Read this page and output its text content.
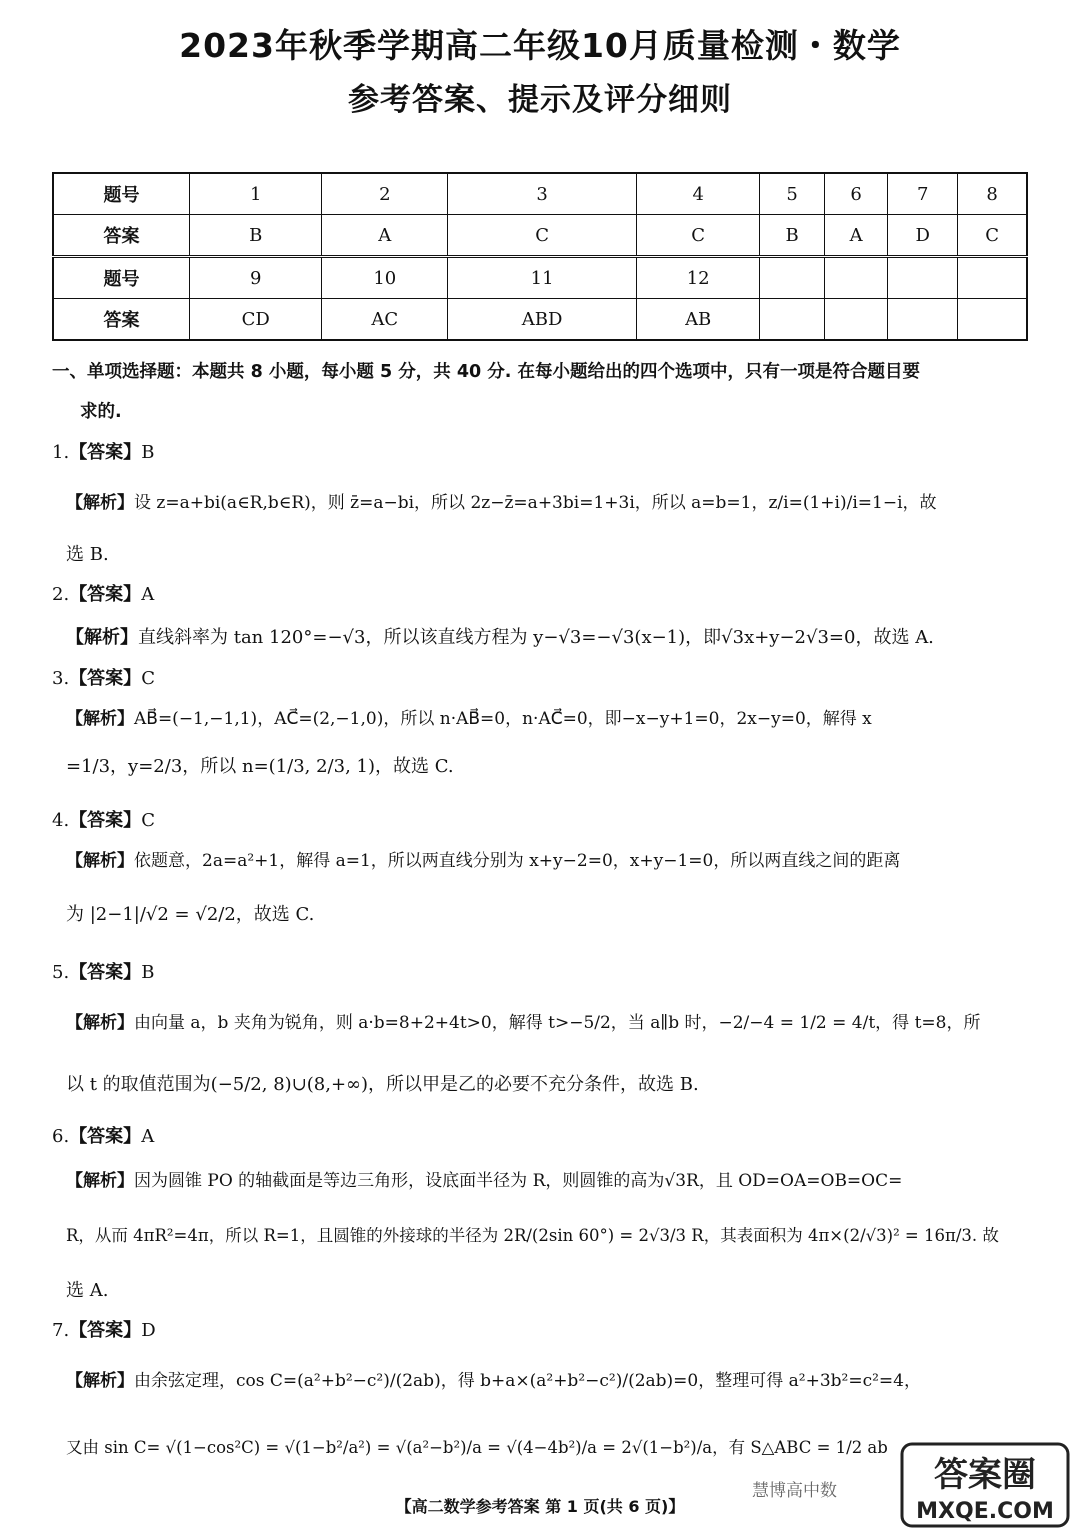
2023年秋季学期高二年级10月质量检测・数学
参考答案、提示及评分细则
题号	1	2	3	4	5	6	7	8
答案	B	A	C	C	B	A	D	C
题号	9	10	11	12				
答案	CD	AC	ABD	AB				
一、单项选择题：本题共 8 小题，每小题 5 分，共 40 分. 在每小题给出的四个选项中，只有一项是符合题目要
求的.
1.【答案】B
【解析】设 z=a+bi(a∈R,b∈R)，则 z̄=a−bi，所以 2z−z̄=a+3bi=1+3i，所以 a=b=1，z/i=(1+i)/i=1−i，故
选 B.
2.【答案】A
【解析】直线斜率为 tan 120°=−√3，所以该直线方程为 y−√3=−√3(x−1)，即√3x+y−2√3=0，故选 A.
3.【答案】C
【解析】AB⃗=(−1,−1,1)，AC⃗=(2,−1,0)，所以 n·AB⃗=0，n·AC⃗=0，即−x−y+1=0，2x−y=0，解得 x
=1/3，y=2/3，所以 n=(1/3, 2/3, 1)，故选 C.
4.【答案】C
【解析】依题意，2a=a²+1，解得 a=1，所以两直线分别为 x+y−2=0，x+y−1=0，所以两直线之间的距离
为 |2−1|/√2 = √2/2，故选 C.
5.【答案】B
【解析】由向量 a，b 夹角为锐角，则 a·b=8+2+4t>0，解得 t>−5/2，当 a∥b 时，−2/−4 = 1/2 = 4/t，得 t=8，所
以 t 的取值范围为(−5/2, 8)∪(8,+∞)，所以甲是乙的必要不充分条件，故选 B.
6.【答案】A
【解析】因为圆锥 PO 的轴截面是等边三角形，设底面半径为 R，则圆锥的高为√3R，且 OD=OA=OB=OC=
R，从而 4πR²=4π，所以 R=1，且圆锥的外接球的半径为 2R/(2sin 60°) = 2√3/3 R，其表面积为 4π×(2/√3)² = 16π/3. 故
选 A.
7.【答案】D
【解析】由余弦定理，cos C=(a²+b²−c²)/(2ab)，得 b+a×(a²+b²−c²)/(2ab)=0，整理可得 a²+3b²=c²=4，
又由 sin C= √(1−cos²C) = √(1−b²/a²) = √(a²−b²)/a = √(4−4b²)/a = 2√(1−b²)/a，有 S△ABC = 1/2 ab
慧博高中数	答案圈
MXQE.COM
【高二数学参考答案 第 1 页(共 6 页)】
